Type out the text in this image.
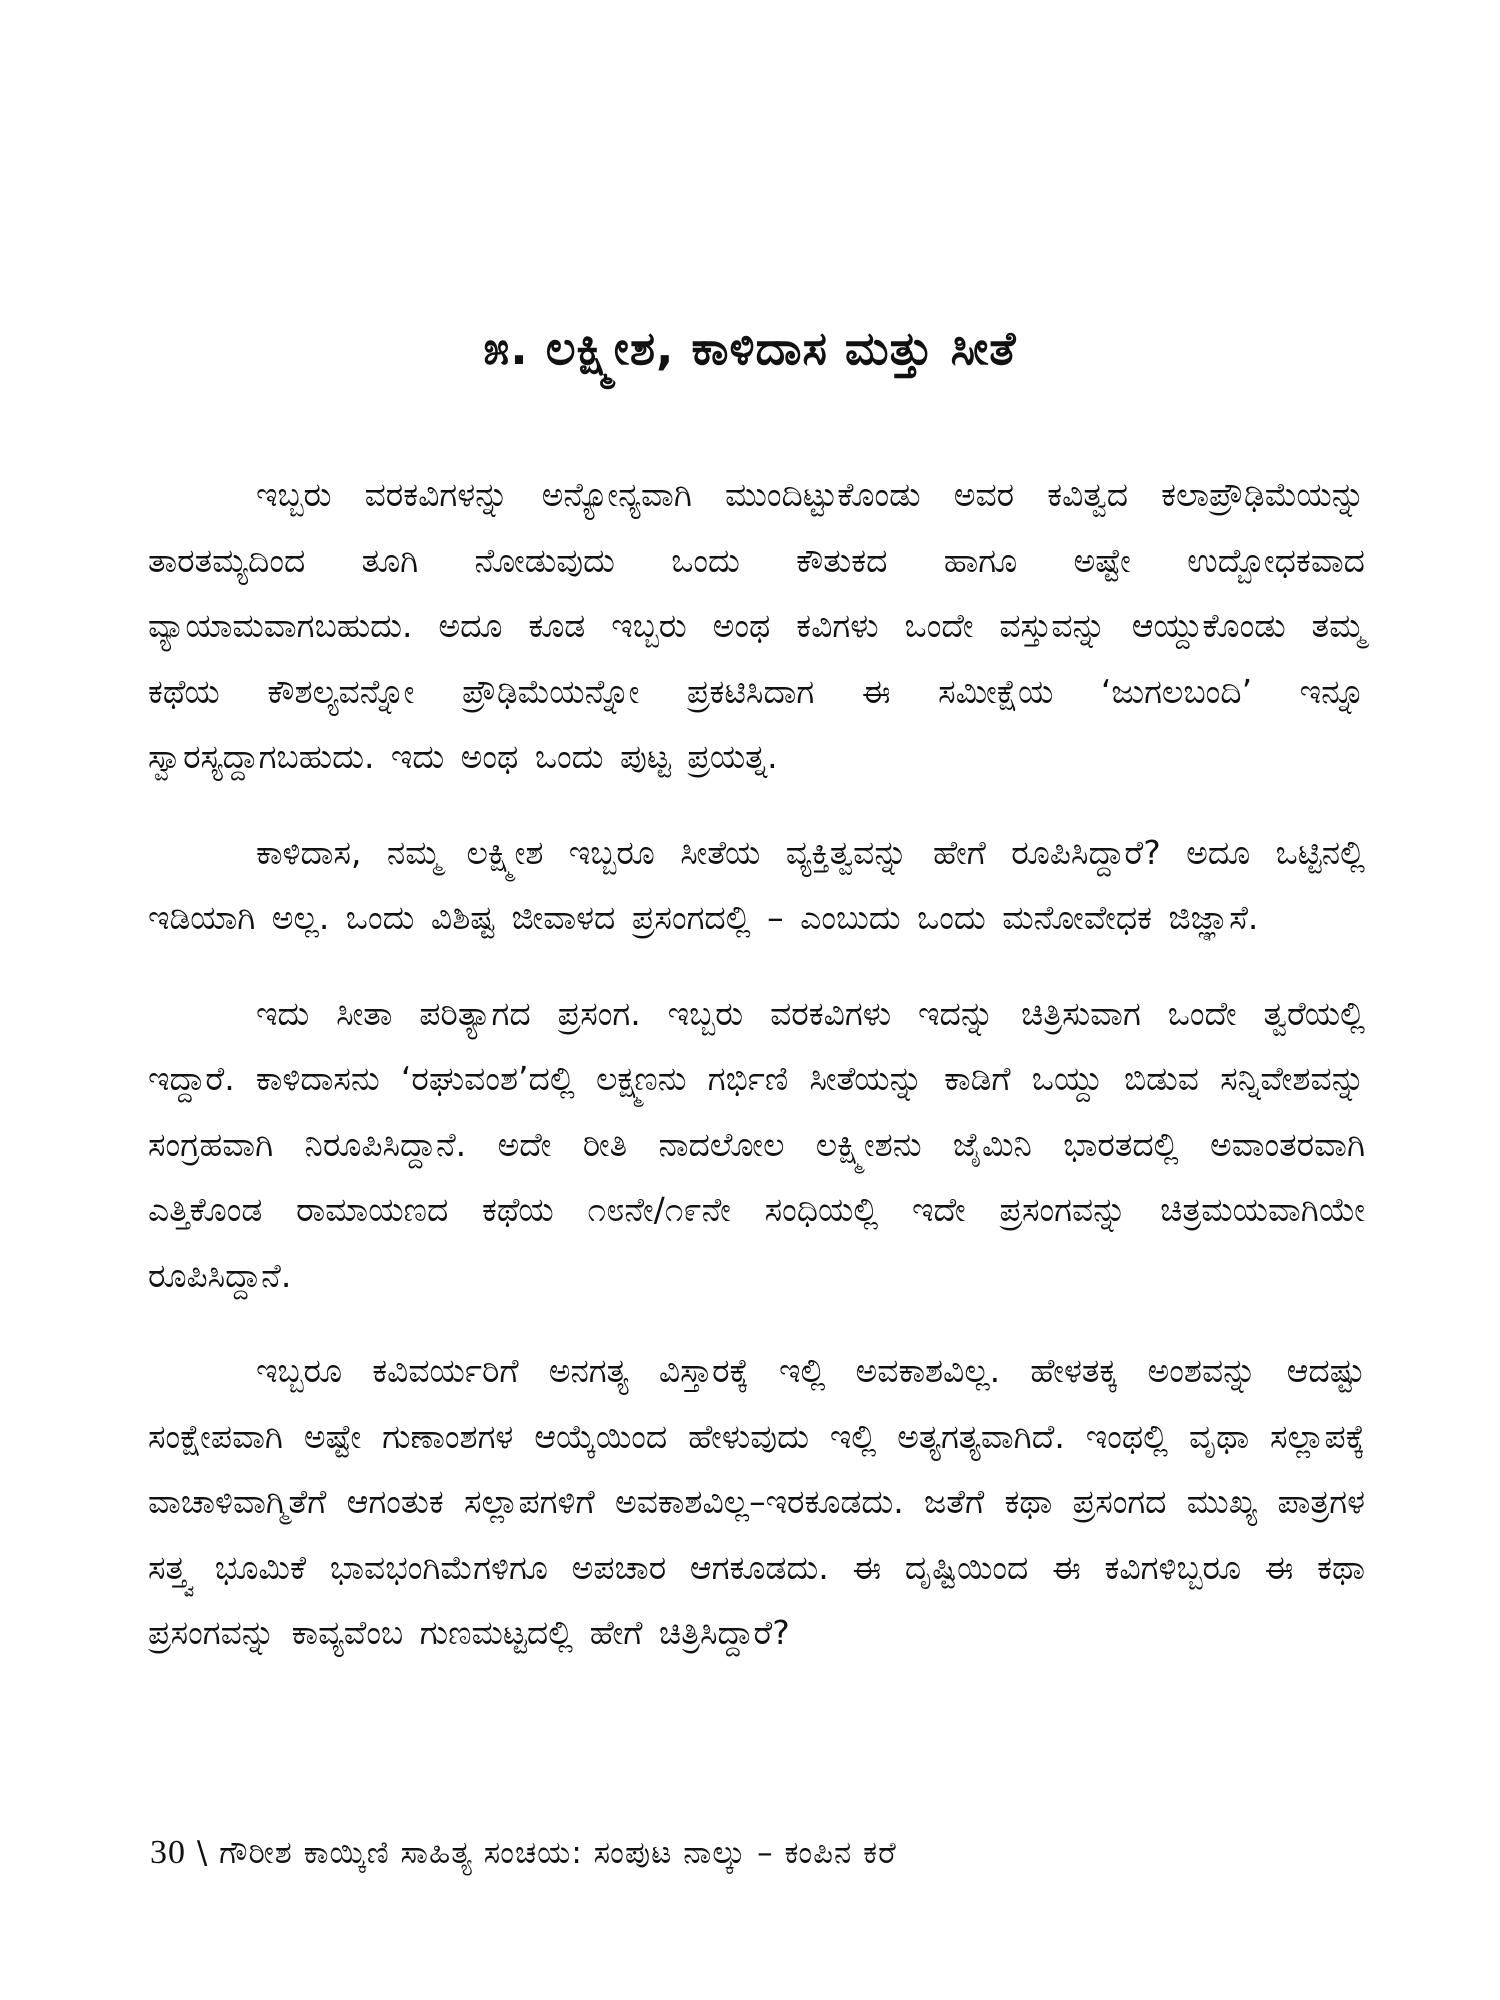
೫. ಲಕ್ಷ್ಮೀಶ, ಕಾಳಿದಾಸ ಮತ್ತು ಸೀತೆ

ಇಬ್ಬರು ವರಕವಿಗಳನ್ನು ಅನ್ಯೋನ್ಯವಾಗಿ ಮುಂದಿಟ್ಟುಕೊಂಡು ಅವರ ಕವಿತ್ವದ ಕಲಾಪ್ರೌಢಿಮೆಯನ್ನು ತಾರತಮ್ಯದಿಂದ ತೂಗಿ ನೋಡುವುದು ಒಂದು ಕೌತುಕದ ಹಾಗೂ ಅಷ್ಟೇ ಉದ್ಬೋಧಕವಾದ ವ್ಯಾಯಾಮವಾಗಬಹುದು. ಅದೂ ಕೂಡ ಇಬ್ಬರು ಅಂಥ ಕವಿಗಳು ಒಂದೇ ವಸ್ತುವನ್ನು ಆಯ್ದುಕೊಂಡು ತಮ್ಮ ಕಥೆಯ ಕೌಶಲ್ಯವನ್ನೋ ಪ್ರೌಢಿಮೆಯನ್ನೋ ಪ್ರಕಟಿಸಿದಾಗ ಈ ಸಮೀಕ್ಷೆಯ ‘ಜುಗಲಬಂದಿ’ ಇನ್ನೂ ಸ್ವಾರಸ್ಯದ್ದಾಗಬಹುದು. ಇದು ಅಂಥ ಒಂದು ಪುಟ್ಟ ಪ್ರಯತ್ನ.

ಕಾಳಿದಾಸ, ನಮ್ಮ ಲಕ್ಷ್ಮೀಶ ಇಬ್ಬರೂ ಸೀತೆಯ ವ್ಯಕ್ತಿತ್ವವನ್ನು ಹೇಗೆ ರೂಪಿಸಿದ್ದಾರೆ? ಅದೂ ಒಟ್ಟಿನಲ್ಲಿ ಇಡಿಯಾಗಿ ಅಲ್ಲ. ಒಂದು ವಿಶಿಷ್ಟ ಜೀವಾಳದ ಪ್ರಸಂಗದಲ್ಲಿ – ಎಂಬುದು ಒಂದು ಮನೋವೇಧಕ ಜಿಜ್ಞಾಸೆ.

ಇದು ಸೀತಾ ಪರಿತ್ಯಾಗದ ಪ್ರಸಂಗ. ಇಬ್ಬರು ವರಕವಿಗಳು ಇದನ್ನು ಚಿತ್ರಿಸುವಾಗ ಒಂದೇ ತ್ವರೆಯಲ್ಲಿ ಇದ್ದಾರೆ. ಕಾಳಿದಾಸನು ‘ರಘುವಂಶ’ದಲ್ಲಿ ಲಕ್ಷ್ಮಣನು ಗರ್ಭಿಣಿ ಸೀತೆಯನ್ನು ಕಾಡಿಗೆ ಒಯ್ದು ಬಿಡುವ ಸನ್ನಿವೇಶವನ್ನು ಸಂಗ್ರಹವಾಗಿ ನಿರೂಪಿಸಿದ್ದಾನೆ. ಅದೇ ರೀತಿ ನಾದಲೋಲ ಲಕ್ಷ್ಮೀಶನು ಜೈಮಿನಿ ಭಾರತದಲ್ಲಿ ಅವಾಂತರವಾಗಿ ಎತ್ತಿಕೊಂಡ ರಾಮಾಯಣದ ಕಥೆಯ ೧೮ನೇ/೧೯ನೇ ಸಂಧಿಯಲ್ಲಿ ಇದೇ ಪ್ರಸಂಗವನ್ನು ಚಿತ್ರಮಯವಾಗಿಯೇ ರೂಪಿಸಿದ್ದಾನೆ.

ಇಬ್ಬರೂ ಕವಿವರ್ಯರಿಗೆ ಅನಗತ್ಯ ವಿಸ್ತಾರಕ್ಕೆ ಇಲ್ಲಿ ಅವಕಾಶವಿಲ್ಲ. ಹೇಳತಕ್ಕ ಅಂಶವನ್ನು ಆದಷ್ಟು ಸಂಕ್ಷೇಪವಾಗಿ ಅಷ್ಟೇ ಗುಣಾಂಶಗಳ ಆಯ್ಕೆಯಿಂದ ಹೇಳುವುದು ಇಲ್ಲಿ ಅತ್ಯಗತ್ಯವಾಗಿದೆ. ಇಂಥಲ್ಲಿ ವೃಥಾ ಸಲ್ಲಾಪಕ್ಕೆ ವಾಚಾಳಿವಾಗ್ಮಿತೆಗೆ ಆಗಂತುಕ ಸಲ್ಲಾಪಗಳಿಗೆ ಅವಕಾಶವಿಲ್ಲ–ಇರಕೂಡದು. ಜತೆಗೆ ಕಥಾ ಪ್ರಸಂಗದ ಮುಖ್ಯ ಪಾತ್ರಗಳ ಸತ್ತ್ವ ಭೂಮಿಕೆ ಭಾವಭಂಗಿಮೆಗಳಿಗೂ ಅಪಚಾರ ಆಗಕೂಡದು. ಈ ದೃಷ್ಟಿಯಿಂದ ಈ ಕವಿಗಳಿಬ್ಬರೂ ಈ ಕಥಾ ಪ್ರಸಂಗವನ್ನು ಕಾವ್ಯವೆಂಬ ಗುಣಮಟ್ಟದಲ್ಲಿ ಹೇಗೆ ಚಿತ್ರಿಸಿದ್ದಾರೆ?

30 \ ಗೌರೀಶ ಕಾಯ್ಕಿಣಿ ಸಾಹಿತ್ಯ ಸಂಚಯ: ಸಂಪುಟ ನಾಲ್ಕು – ಕಂಪಿನ ಕರೆ
